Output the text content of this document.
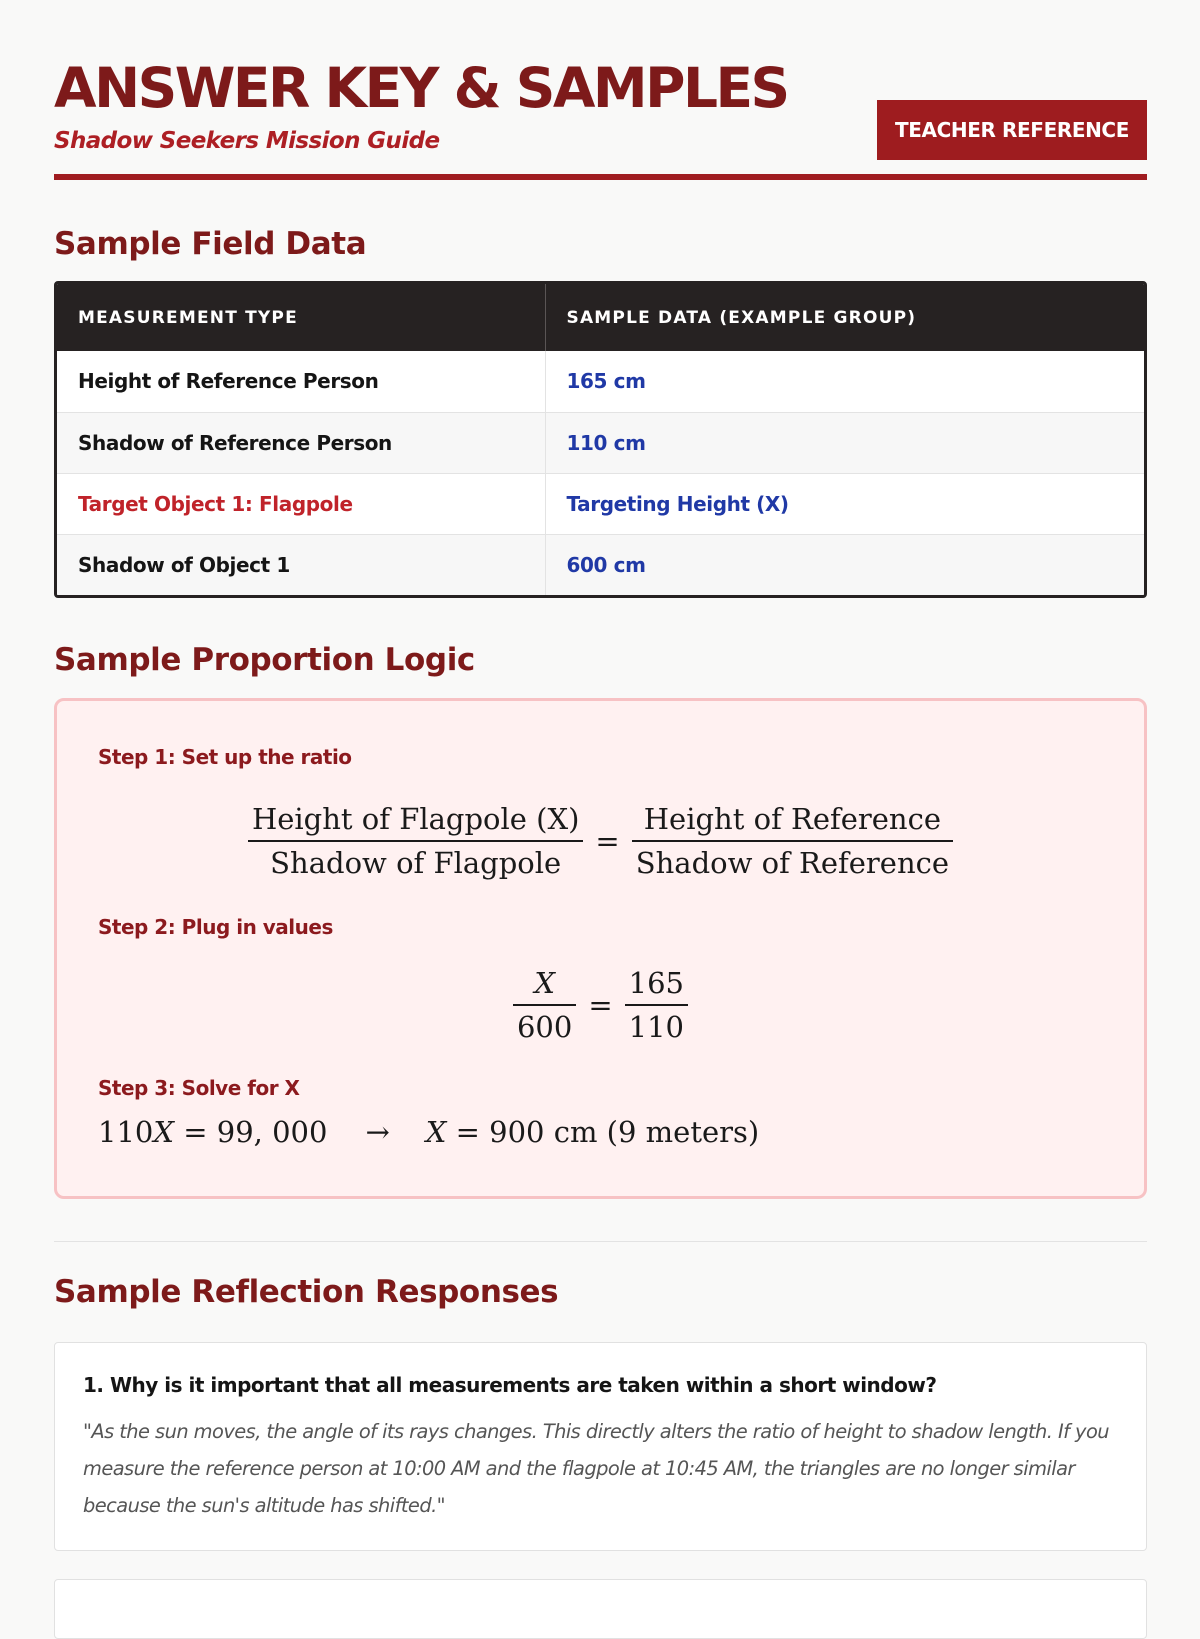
ANSWER KEY & SAMPLES
Shadow Seekers Mission Guide	TEACHER REFERENCE
Sample Field Data
MEASUREMENT TYPE	SAMPLE DATA (EXAMPLE GROUP)
Height of Reference Person	165 cm
Shadow of Reference Person	110 cm
Target Object 1: Flagpole	Targeting Height (X)
Shadow of Object 1	600 cm
Sample Proportion Logic
Step 1: Set up the ratio
$\frac{\text{Height of Flagpole (X)}}{\text{Shadow of Flagpole}} = \frac{\text{Height of Reference}}{\text{Shadow of Reference}}$
Step 2: Plug in values
$\frac{X}{600} = \frac{165}{110}$
Step 3: Solve for X
110X = 99, 000 → X = 900 cm (9 meters)
Sample Reflection Responses
1. Why is it important that all measurements are taken within a short window?
"As the sun moves, the angle of its rays changes. This directly alters the ratio of height to shadow length. If you measure the reference person at 10:00 AM and the flagpole at 10:45 AM, the triangles are no longer similar because the sun's altitude has shifted."
